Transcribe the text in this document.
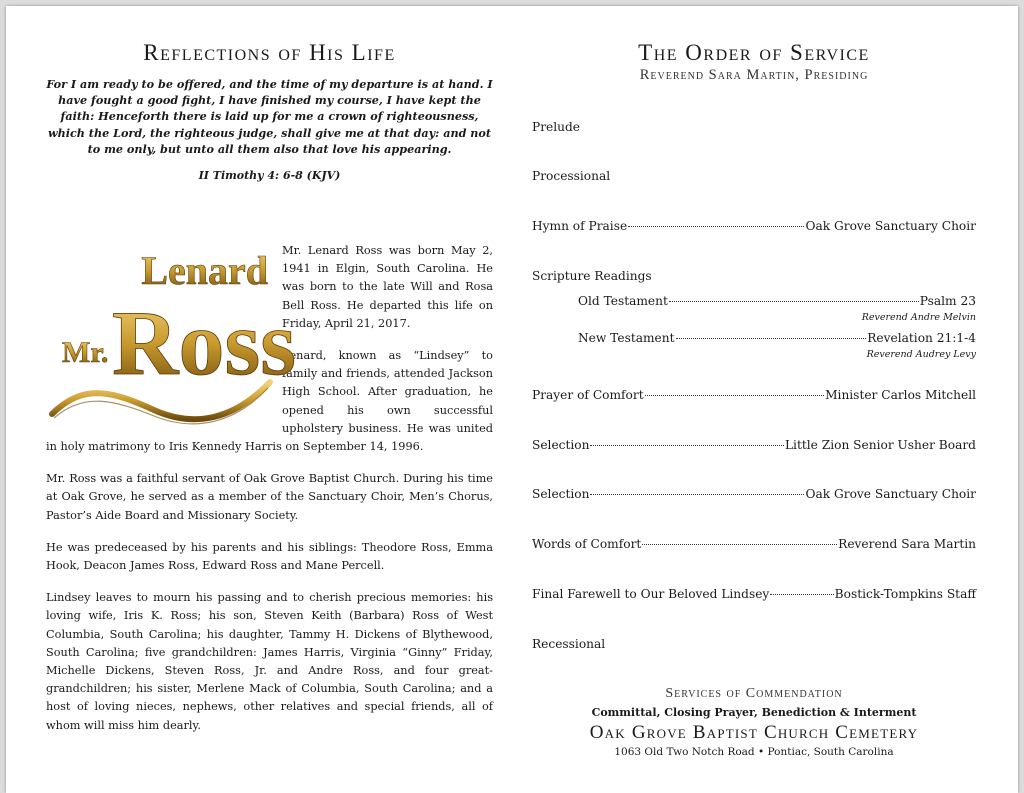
Reflections of His Life

For I am ready to be offered, and the time of my departure is at hand. I have fought a good fight, I have finished my course, I have kept the faith: Henceforth there is laid up for me a crown of righteousness, which the Lord, the righteous judge, shall give me at that day: and not to me only, but unto all them also that love his appearing.

II Timothy 4: 6-8 (KJV)

Lenard
Mr. Ross

Mr. Lenard Ross was born May 2, 1941 in Elgin, South Carolina. He was born to the late Will and Rosa Bell Ross. He departed this life on Friday, April 21, 2017.

Lenard, known as “Lindsey” to family and friends, attended Jackson High School. After graduation, he opened his own successful upholstery business. He was united in holy matrimony to Iris Kennedy Harris on September 14, 1996.

Mr. Ross was a faithful servant of Oak Grove Baptist Church. During his time at Oak Grove, he served as a member of the Sanctuary Choir, Men’s Chorus, Pastor’s Aide Board and Missionary Society.

He was predeceased by his parents and his siblings: Theodore Ross, Emma Hook, Deacon James Ross, Edward Ross and Mane Percell.

Lindsey leaves to mourn his passing and to cherish precious memories: his loving wife, Iris K. Ross; his son, Steven Keith (Barbara) Ross of West Columbia, South Carolina; his daughter, Tammy H. Dickens of Blythewood, South Carolina; five grandchildren: James Harris, Virginia “Ginny” Friday, Michelle Dickens, Steven Ross, Jr. and Andre Ross, and four great-grandchildren; his sister, Merlene Mack of Columbia, South Carolina; and a host of loving nieces, nephews, other relatives and special friends, all of whom will miss him dearly.

The Order of Service

Reverend Sara Martin, Presiding

Prelude
Processional
Hymn of Praise	Oak Grove Sanctuary Choir
Scripture Readings
Old Testament	Psalm 23
Reverend Andre Melvin
New Testament	Revelation 21:1-4
Reverend Audrey Levy
Prayer of Comfort	Minister Carlos Mitchell
Selection	Little Zion Senior Usher Board
Selection	Oak Grove Sanctuary Choir
Words of Comfort	Reverend Sara Martin
Final Farewell to Our Beloved Lindsey	Bostick-Tompkins Staff
Recessional
Services of Commendation
Committal, Closing Prayer, Benediction & Interment
Oak Grove Baptist Church Cemetery
1063 Old Two Notch Road • Pontiac, South Carolina
